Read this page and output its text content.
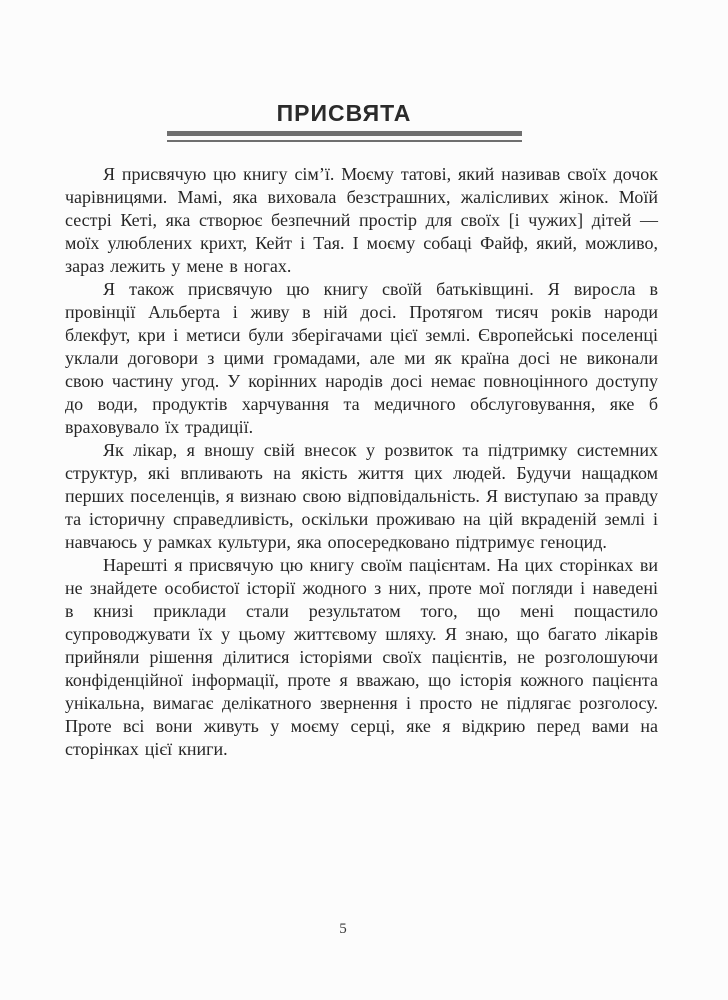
ПРИСВЯТА

Я присвячую цю книгу сім’ї. Моєму татові, який називав своїх дочок чарівницями. Мамі, яка виховала безстрашних, жалісливих жінок. Моїй сестрі Кеті, яка створює безпечний простір для своїх [і чужих] дітей — моїх улюблених крихт, Кейт і Тая. І моєму собаці Файф, який, можливо, зараз лежить у мене в ногах.

Я також присвячую цю книгу своїй батьківщині. Я виросла в провінції Альберта і живу в ній досі. Протягом тисяч років народи блекфут, кри і метиси були зберігачами цієї землі. Європейські поселенці уклали договори з цими громадами, але ми як країна досі не виконали свою частину угод. У корінних народів досі немає повноцінного доступу до води, продуктів харчування та медичного обслуговування, яке б враховувало їх традиції.

Як лікар, я вношу свій внесок у розвиток та підтримку системних структур, які впливають на якість життя цих людей. Будучи нащадком перших поселенців, я визнаю свою відповідальність. Я виступаю за правду та історичну справедливість, оскільки проживаю на цій вкраденій землі і навчаюсь у рамках культури, яка опосередковано підтримує геноцид.

Нарешті я присвячую цю книгу своїм пацієнтам. На цих сторінках ви не знайдете особистої історії жодного з них, проте мої погляди і наведені в книзі приклади стали результатом того, що мені пощастило супроводжувати їх у цьому життєвому шляху. Я знаю, що багато лікарів прийняли рішення ділитися історіями своїх пацієнтів, не розголошуючи конфіденційної інформації, проте я вважаю, що історія кожного пацієнта унікальна, вимагає делікатного звернення і просто не підлягає розголосу. Проте всі вони живуть у моєму серці, яке я відкрию перед вами на сторінках цієї книги.

5
